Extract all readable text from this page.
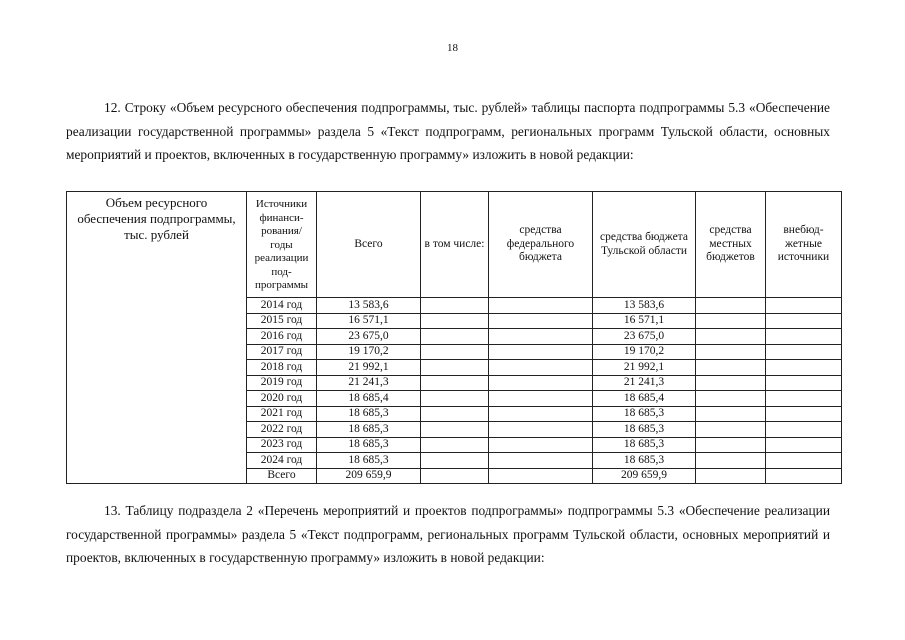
18

12. Строку «Объем ресурсного обеспечения подпрограммы, тыс. рублей» таблицы паспорта подпрограммы 5.3 «Обеспечение реализации государственной программы» раздела 5 «Текст подпрограмм, региональных программ Тульской области, основных мероприятий и проектов, включенных в государственную программу» изложить в новой редакции:

Объем ресурсного обеспечения подпрограммы, тыс. рублей	Источники финанси-рования/ годы реализации под-программы	Всего	в том числе:	средства федерального бюджета	средства бюджета Тульской области	средства местных бюджетов	внебюд-жетные источники
	2014 год	13 583,6			13 583,6		
	2015 год	16 571,1			16 571,1		
	2016 год	23 675,0			23 675,0		
	2017 год	19 170,2			19 170,2		
	2018 год	21 992,1			21 992,1		
	2019 год	21 241,3			21 241,3		
	2020 год	18 685,4			18 685,4		
	2021 год	18 685,3			18 685,3		
	2022 год	18 685,3			18 685,3		
	2023 год	18 685,3			18 685,3		
	2024 год	18 685,3			18 685,3		
	Всего	209 659,9			209 659,9		

13. Таблицу подраздела 2 «Перечень мероприятий и проектов подпрограммы» подпрограммы 5.3 «Обеспечение реализации государственной программы» раздела 5 «Текст подпрограмм, региональных программ Тульской области, основных мероприятий и проектов, включенных в государственную программу» изложить в новой редакции:
